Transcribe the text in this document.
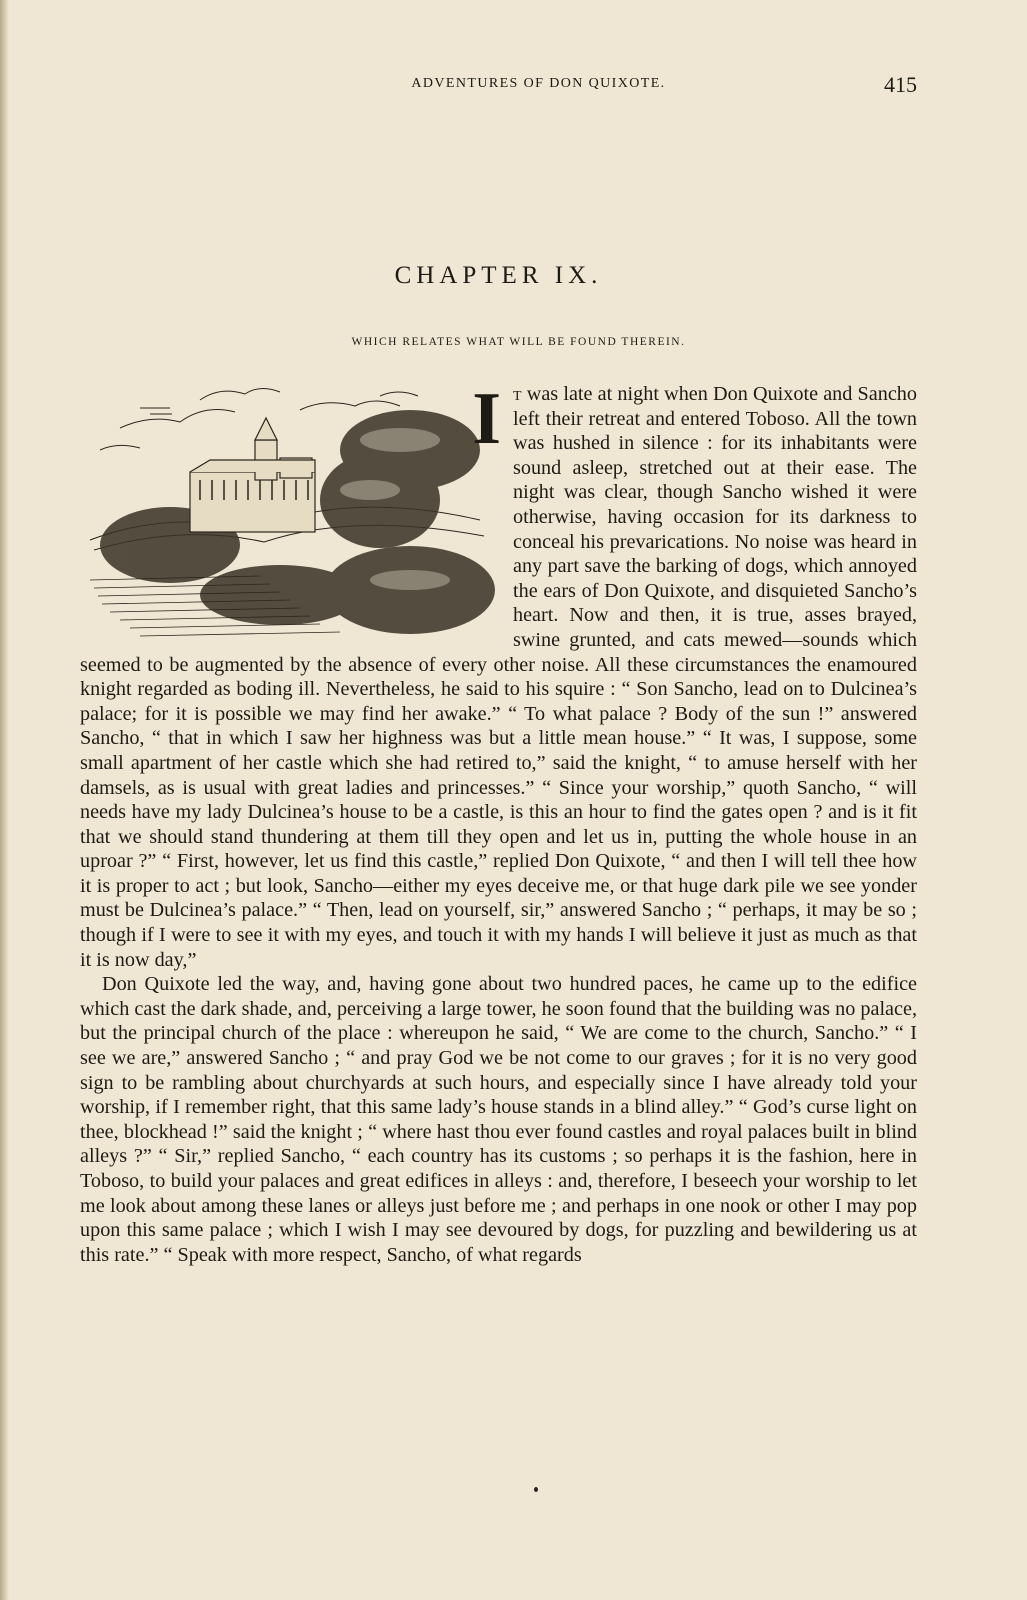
ADVENTURES OF DON QUIXOTE.	415
CHAPTER IX.
WHICH RELATES WHAT WILL BE FOUND THEREIN.
I t was late at night when Don Quixote and Sancho left their retreat and entered Toboso. All the town was hushed in silence : for its inhabitants were sound asleep, stretched out at their ease. The night was clear, though Sancho wished it were otherwise, having occasion for its darkness to conceal his prevarications. No noise was heard in any part save the barking of dogs, which annoyed the ears of Don Quixote, and disquieted Sancho’s heart. Now and then, it is true, asses brayed, swine grunted, and cats mewed—sounds which seemed to be augmented by the absence of every other noise. All these circumstances the enamoured knight regarded as boding ill. Nevertheless, he said to his squire : “ Son Sancho, lead on to Dulcinea’s palace; for it is possible we may find her awake.” “ To what palace ? Body of the sun !” answered Sancho, “ that in which I saw her highness was but a little mean house.” “ It was, I suppose, some small apartment of her castle which she had retired to,” said the knight, “ to amuse herself with her damsels, as is usual with great ladies and princesses.” “ Since your worship,” quoth Sancho, “ will needs have my lady Dulcinea’s house to be a castle, is this an hour to find the gates open ? and is it fit that we should stand thundering at them till they open and let us in, putting the whole house in an uproar ?” “ First, however, let us find this castle,” replied Don Quixote, “ and then I will tell thee how it is proper to act ; but look, Sancho—either my eyes deceive me, or that huge dark pile we see yonder must be Dulcinea’s palace.” “ Then, lead on yourself, sir,” answered Sancho ; “ perhaps, it may be so ; though if I were to see it with my eyes, and touch it with my hands I will believe it just as much as that it is now day,”

Don Quixote led the way, and, having gone about two hundred paces, he came up to the edifice which cast the dark shade, and, perceiving a large tower, he soon found that the building was no palace, but the principal church of the place : whereupon he said, “ We are come to the church, Sancho.” “ I see we are,” answered Sancho ; “ and pray God we be not come to our graves ; for it is no very good sign to be rambling about churchyards at such hours, and especially since I have already told your worship, if I remember right, that this same lady’s house stands in a blind alley.” “ God’s curse light on thee, blockhead !” said the knight ; “ where hast thou ever found castles and royal palaces built in blind alleys ?” “ Sir,” replied Sancho, “ each country has its customs ; so perhaps it is the fashion, here in Toboso, to build your palaces and great edifices in alleys : and, therefore, I beseech your worship to let me look about among these lanes or alleys just before me ; and perhaps in one nook or other I may pop upon this same palace ; which I wish I may see devoured by dogs, for puzzling and bewildering us at this rate.” “ Speak with more respect, Sancho, of what regards
